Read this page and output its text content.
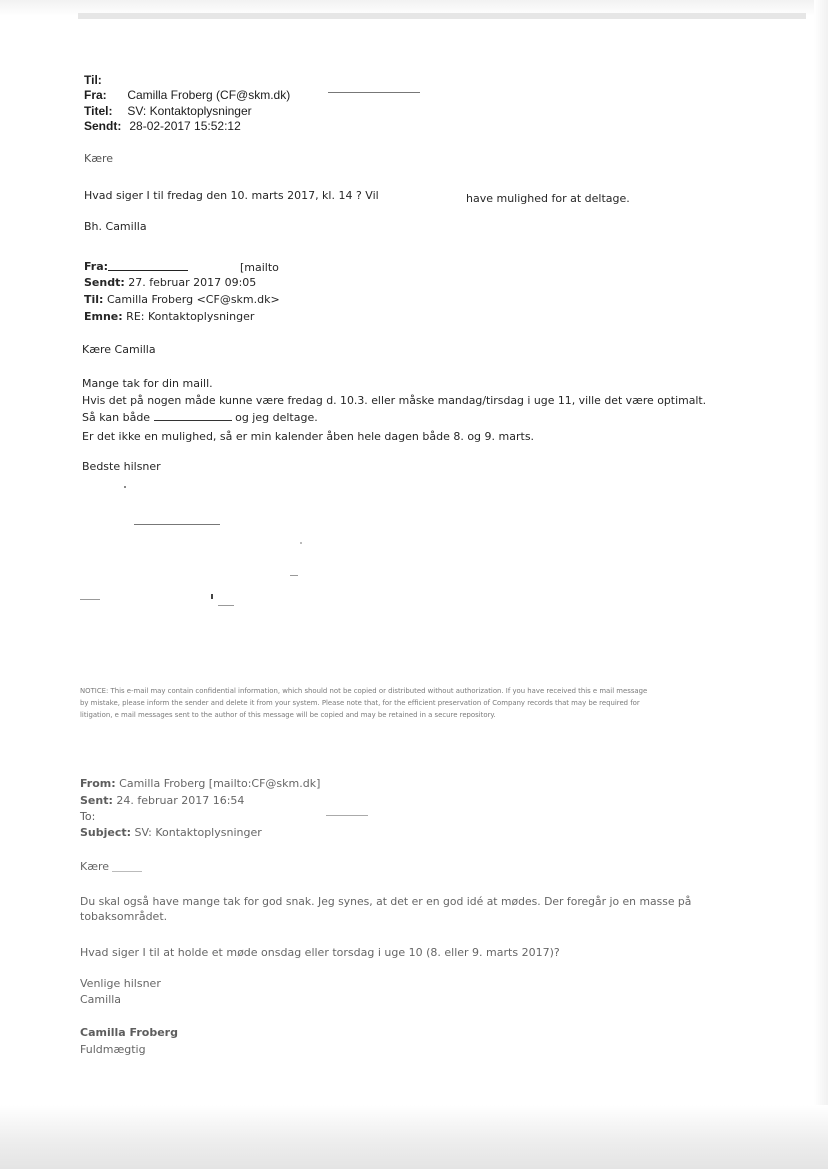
Til:
Fra: Camilla Froberg (CF@skm.dk)
Titel: SV: Kontaktoplysninger
Sendt: 28-02-2017 15:52:12
Kære
Hvad siger I til fredag den 10. marts 2017, kl. 14 ? Vil	have mulighed for at deltage.
Bh. Camilla
Fra:	[mailto
Sendt: 27. februar 2017 09:05
Til: Camilla Froberg <CF@skm.dk>
Emne: RE: Kontaktoplysninger
Kære Camilla
Mange tak for din maill.
Hvis det på nogen måde kunne være fredag d. 10.3. eller måske mandag/tirsdag i uge 11, ville det være optimalt.
Så kan både	og jeg deltage.
Er det ikke en mulighed, så er min kalender åben hele dagen både 8. og 9. marts.
Bedste hilsner
NOTICE: This e-mail may contain confidential information, which should not be copied or distributed without authorization. If you have received this e mail message
by mistake, please inform the sender and delete it from your system. Please note that, for the efficient preservation of Company records that may be required for
litigation, e mail messages sent to the author of this message will be copied and may be retained in a secure repository.
From: Camilla Froberg [mailto:CF@skm.dk]
Sent: 24. februar 2017 16:54
To:
Subject: SV: Kontaktoplysninger
Kære
Du skal også have mange tak for god snak. Jeg synes, at det er en god idé at mødes. Der foregår jo en masse på
tobaksområdet.
Hvad siger I til at holde et møde onsdag eller torsdag i uge 10 (8. eller 9. marts 2017)?
Venlige hilsner
Camilla
Camilla Froberg
Fuldmægtig
